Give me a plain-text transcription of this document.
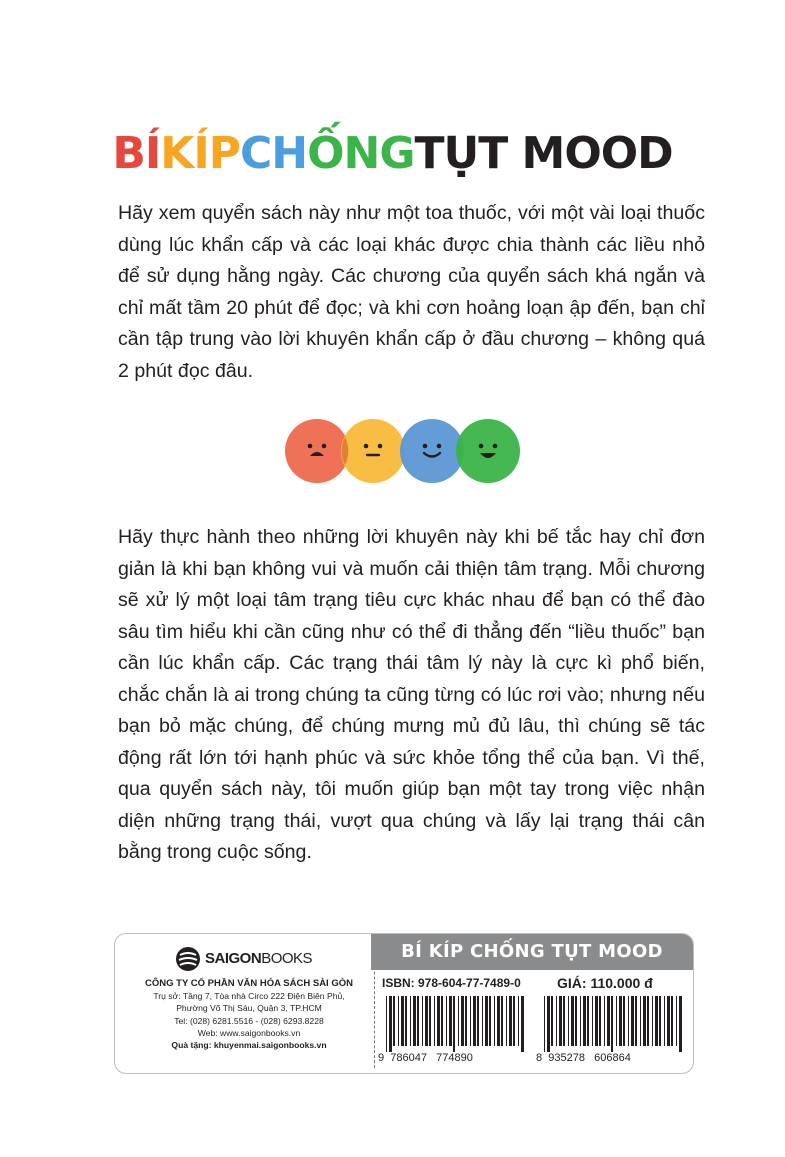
BÍKÍPCHỐNGTỤT MOOD
Hãy xem quyển sách này như một toa thuốc, với một vài loại thuốc dùng lúc khẩn cấp và các loại khác được chia thành các liều nhỏ để sử dụng hằng ngày. Các chương của quyển sách khá ngắn và chỉ mất tầm 20 phút để đọc; và khi cơn hoảng loạn ập đến, bạn chỉ cần tập trung vào lời khuyên khẩn cấp ở đầu chương – không quá 2 phút đọc đâu.
Hãy thực hành theo những lời khuyên này khi bế tắc hay chỉ đơn giản là khi bạn không vui và muốn cải thiện tâm trạng. Mỗi chương sẽ xử lý một loại tâm trạng tiêu cực khác nhau để bạn có thể đào sâu tìm hiểu khi cần cũng như có thể đi thẳng đến “liều thuốc” bạn cần lúc khẩn cấp. Các trạng thái tâm lý này là cực kì phổ biến, chắc chắn là ai trong chúng ta cũng từng có lúc rơi vào; nhưng nếu bạn bỏ mặc chúng, để chúng mưng mủ đủ lâu, thì chúng sẽ tác động rất lớn tới hạnh phúc và sức khỏe tổng thể của bạn. Vì thế, qua quyển sách này, tôi muốn giúp bạn một tay trong việc nhận diện những trạng thái, vượt qua chúng và lấy lại trạng thái cân bằng trong cuộc sống.
SAIGONBOOKS
CÔNG TY CỔ PHẦN VĂN HÓA SÁCH SÀI GÒN
Trụ sở: Tầng 7, Tòa nhà Circo 222 Điện Biên Phủ,
Phường Võ Thị Sáu, Quận 3, TP.HCM
Tel: (028) 6281.5516 - (028) 6293.8228
Web: www.saigonbooks.vn
Quà tặng: khuyenmai.saigonbooks.vn
BÍ KÍP CHỐNG TỤT MOOD
ISBN: 978-604-77-7489-0	GIÁ: 110.000 đ
9  786047   774890	8  935278   606864
